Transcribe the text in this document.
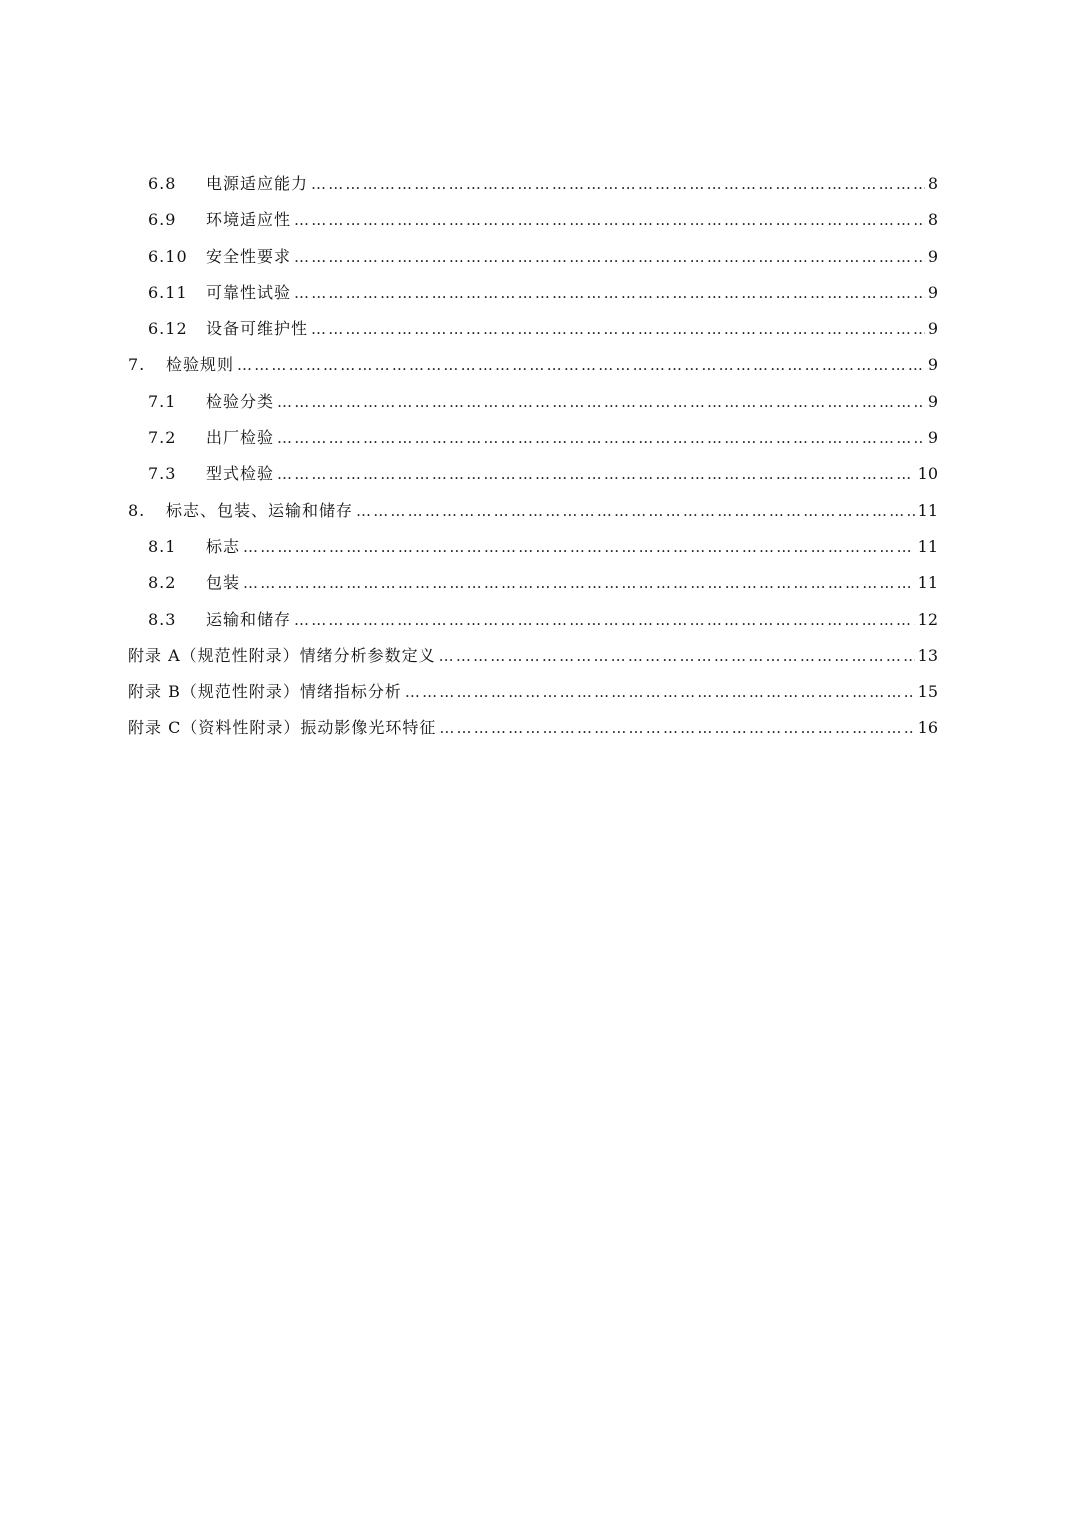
6.8	电源适应能力 ……………………………………………………………………………………………………………………………………………………………………………	8
6.9	环境适应性 ……………………………………………………………………………………………………………………………………………………………………………	8
6.10	安全性要求 ……………………………………………………………………………………………………………………………………………………………………………	9
6.11	可靠性试验 ……………………………………………………………………………………………………………………………………………………………………………	9
6.12	设备可维护性 ……………………………………………………………………………………………………………………………………………………………………………	9
7.	检验规则 ……………………………………………………………………………………………………………………………………………………………………………	9
7.1	检验分类 ……………………………………………………………………………………………………………………………………………………………………………	9
7.2	出厂检验 ……………………………………………………………………………………………………………………………………………………………………………	9
7.3	型式检验 ……………………………………………………………………………………………………………………………………………………………………………	10
8.	标志、包装、运输和储存 ……………………………………………………………………………………………………………………………………………………………………………	11
8.1	标志 ……………………………………………………………………………………………………………………………………………………………………………	11
8.2	包装 ……………………………………………………………………………………………………………………………………………………………………………	11
8.3	运输和储存 ……………………………………………………………………………………………………………………………………………………………………………	12
附录 A （规范性附录）情绪分析参数定义 ……………………………………………………………………………………………………………………………………………………………………………	13
附录 B （规范性附录）情绪指标分析 ……………………………………………………………………………………………………………………………………………………………………………	15
附录 C （资料性附录）振动影像光环特征 ……………………………………………………………………………………………………………………………………………………………………………	16
